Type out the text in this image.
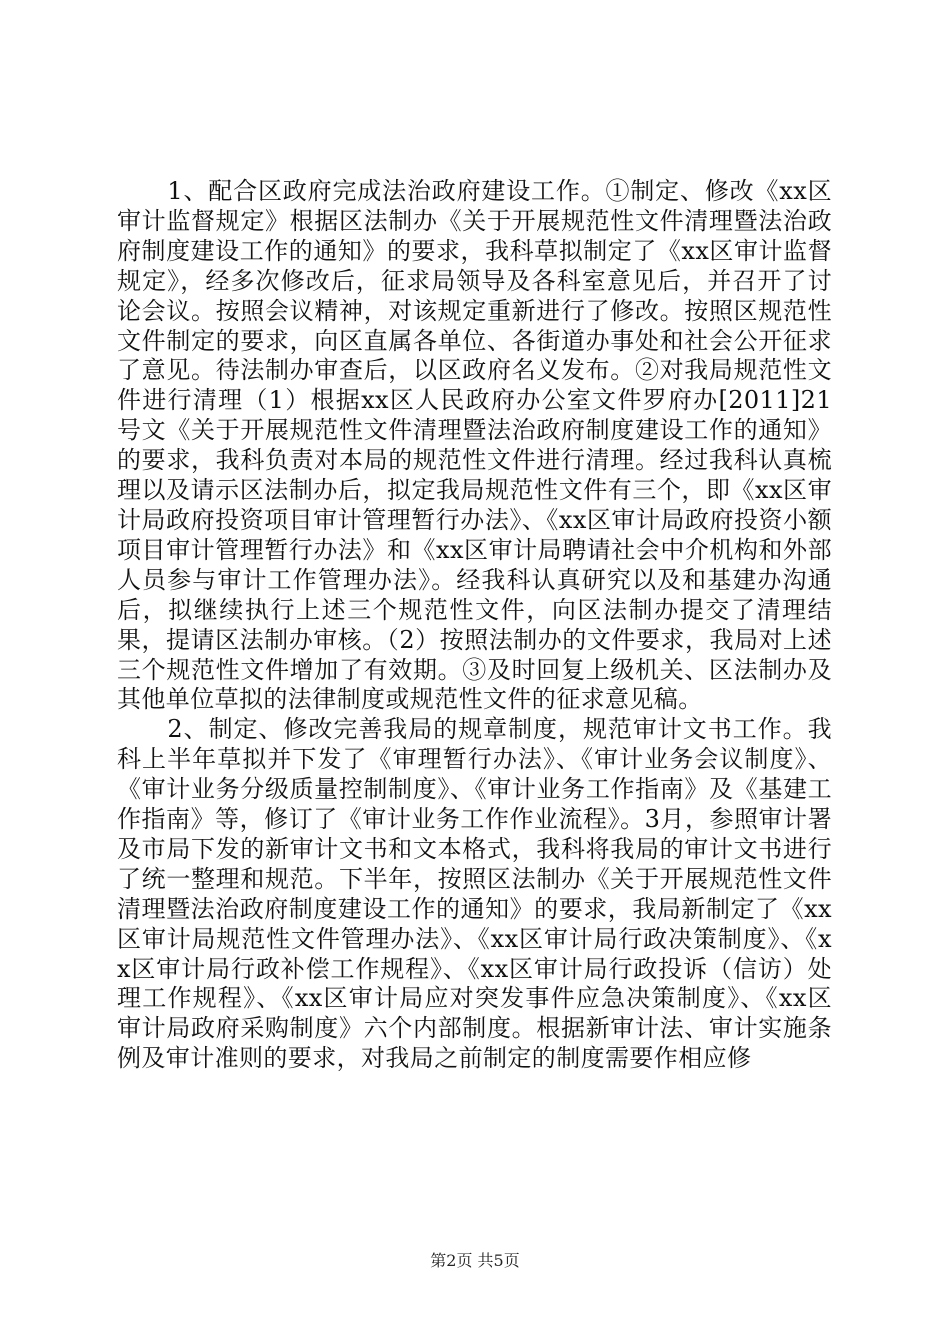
1、配合区政府完成法治政府建设工作。①制定、修改《xx区审计监督规定》根据区法制办《关于开展规范性文件清理暨法治政府制度建设工作的通知》的要求，我科草拟制定了《xx区审计监督规定》，经多次修改后，征求局领导及各科室意见后，并召开了讨论会议。按照会议精神，对该规定重新进行了修改。按照区规范性文件制定的要求，向区直属各单位、各街道办事处和社会公开征求了意见。待法制办审查后，以区政府名义发布。②对我局规范性文件进行清理（1）根据xx区人民政府办公室文件罗府办[2011]21号文《关于开展规范性文件清理暨法治政府制度建设工作的通知》的要求，我科负责对本局的规范性文件进行清理。经过我科认真梳理以及请示区法制办后，拟定我局规范性文件有三个，即《xx区审计局政府投资项目审计管理暂行办法》、《xx区审计局政府投资小额项目审计管理暂行办法》和《xx区审计局聘请社会中介机构和外部人员参与审计工作管理办法》。经我科认真研究以及和基建办沟通后，拟继续执行上述三个规范性文件，向区法制办提交了清理结果，提请区法制办审核。（2）按照法制办的文件要求，我局对上述三个规范性文件增加了有效期。③及时回复上级机关、区法制办及其他单位草拟的法律制度或规范性文件的征求意见稿。

2、制定、修改完善我局的规章制度，规范审计文书工作。我科上半年草拟并下发了《审理暂行办法》、《审计业务会议制度》、《审计业务分级质量控制制度》、《审计业务工作指南》及《基建工作指南》等，修订了《审计业务工作作业流程》。3月，参照审计署及市局下发的新审计文书和文本格式，我科将我局的审计文书进行了统一整理和规范。下半年，按照区法制办《关于开展规范性文件清理暨法治政府制度建设工作的通知》的要求，我局新制定了《xx区审计局规范性文件管理办法》、《xx区审计局行政决策制度》、《xx区审计局行政补偿工作规程》、《xx区审计局行政投诉（信访）处理工作规程》、《xx区审计局应对突发事件应急决策制度》、《xx区审计局政府采购制度》六个内部制度。根据新审计法、审计实施条例及审计准则的要求，对我局之前制定的制度需要作相应修

第2页 共5页
